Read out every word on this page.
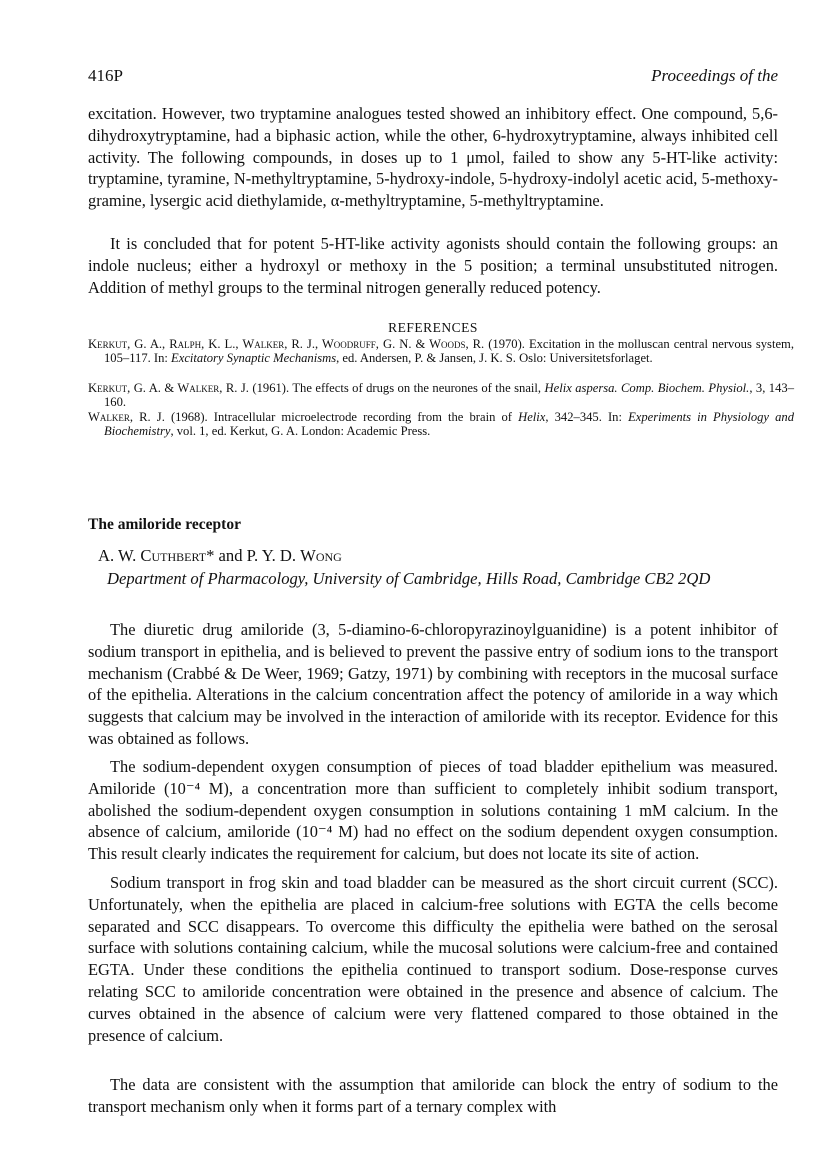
416P	Proceedings of the

excitation. However, two tryptamine analogues tested showed an inhibitory effect. One compound, 5,6-dihydroxytryptamine, had a biphasic action, while the other, 6-hydroxytryptamine, always inhibited cell activity. The following compounds, in doses up to 1 μmol, failed to show any 5-HT-like activity: tryptamine, tyramine, N-methyltryptamine, 5-hydroxy-indole, 5-hydroxy-indolyl acetic acid, 5-methoxy-gramine, lysergic acid diethylamide, α-methyltryptamine, 5-methyltryptamine.

It is concluded that for potent 5-HT-like activity agonists should contain the following groups: an indole nucleus; either a hydroxyl or methoxy in the 5 position; a terminal unsubstituted nitrogen. Addition of methyl groups to the terminal nitrogen generally reduced potency.

REFERENCES

Kerkut, G. A., Ralph, K. L., Walker, R. J., Woodruff, G. N. & Woods, R. (1970). Excitation in the molluscan central nervous system, 105–117. In: Excitatory Synaptic Mechanisms, ed. Andersen, P. & Jansen, J. K. S. Oslo: Universitetsforlaget.

Kerkut, G. A. & Walker, R. J. (1961). The effects of drugs on the neurones of the snail, Helix aspersa. Comp. Biochem. Physiol., 3, 143–160.

Walker, R. J. (1968). Intracellular microelectrode recording from the brain of Helix, 342–345. In: Experiments in Physiology and Biochemistry, vol. 1, ed. Kerkut, G. A. London: Academic Press.

The amiloride receptor
A. W. Cuthbert* and P. Y. D. Wong

Department of Pharmacology, University of Cambridge, Hills Road, Cambridge CB2 2QD

The diuretic drug amiloride (3, 5-diamino-6-chloropyrazinoylguanidine) is a potent inhibitor of sodium transport in epithelia, and is believed to prevent the passive entry of sodium ions to the transport mechanism (Crabbé & De Weer, 1969; Gatzy, 1971) by combining with receptors in the mucosal surface of the epithelia. Alterations in the calcium concentration affect the potency of amiloride in a way which suggests that calcium may be involved in the interaction of amiloride with its receptor. Evidence for this was obtained as follows.

The sodium-dependent oxygen consumption of pieces of toad bladder epithelium was measured. Amiloride (10⁻⁴ M), a concentration more than sufficient to completely inhibit sodium transport, abolished the sodium-dependent oxygen consumption in solutions containing 1 mM calcium. In the absence of calcium, amiloride (10⁻⁴ M) had no effect on the sodium dependent oxygen consumption. This result clearly indicates the requirement for calcium, but does not locate its site of action.

Sodium transport in frog skin and toad bladder can be measured as the short circuit current (SCC). Unfortunately, when the epithelia are placed in calcium-free solutions with EGTA the cells become separated and SCC disappears. To overcome this difficulty the epithelia were bathed on the serosal surface with solutions containing calcium, while the mucosal solutions were calcium-free and contained EGTA. Under these conditions the epithelia continued to transport sodium. Dose-response curves relating SCC to amiloride concentration were obtained in the presence and absence of calcium. The curves obtained in the absence of calcium were very flattened compared to those obtained in the presence of calcium.

The data are consistent with the assumption that amiloride can block the entry of sodium to the transport mechanism only when it forms part of a ternary complex with
